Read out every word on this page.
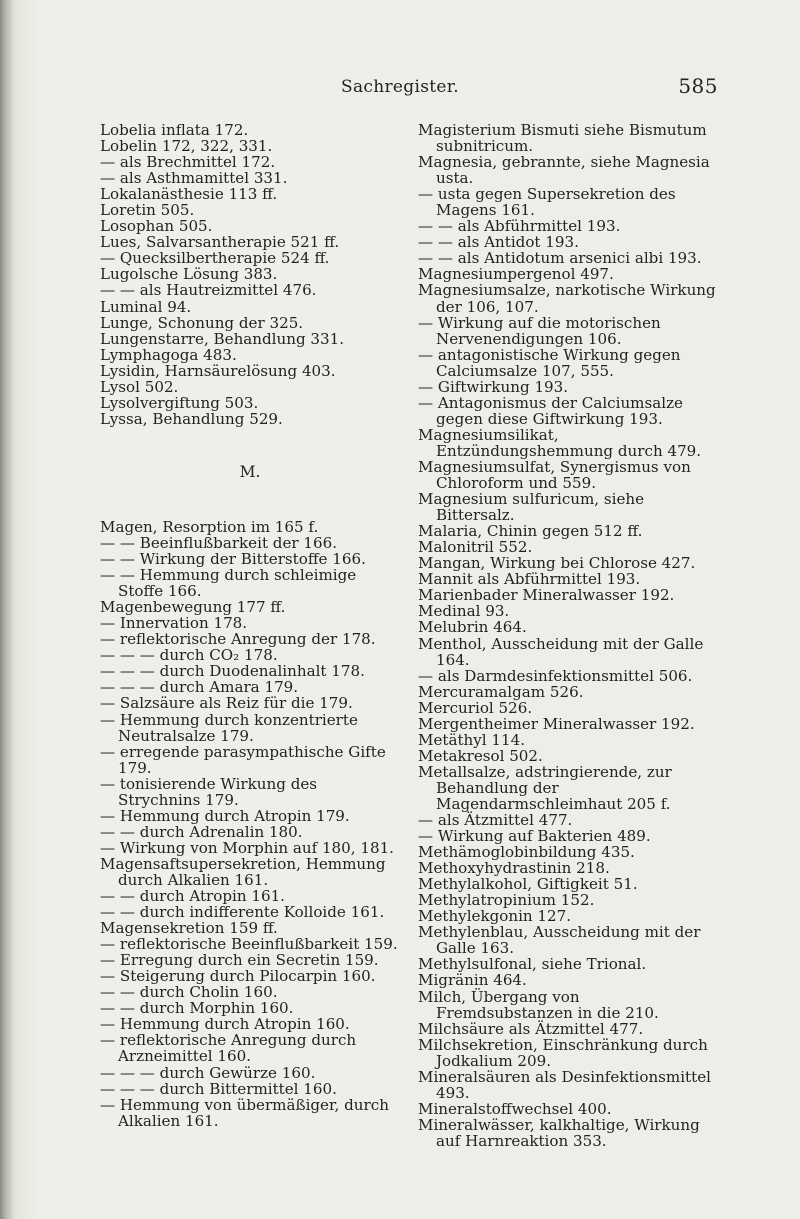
Sachregister.	585
Lobelia inflata 172.
Lobelin 172, 322, 331.
— als Brechmittel 172.
— als Asthmamittel 331.
Lokalanästhesie 113 ff.
Loretin 505.
Losophan 505.
Lues, Salvarsantherapie 521 ff.
— Quecksilbertherapie 524 ff.
Lugolsche Lösung 383.
— — als Hautreizmittel 476.
Luminal 94.
Lunge, Schonung der 325.
Lungenstarre, Behandlung 331.
Lymphagoga 483.
Lysidin, Harnsäurelösung 403.
Lysol 502.
Lysolvergiftung 503.
Lyssa, Behandlung 529.
M.
Magen, Resorption im 165 f.
— — Beeinflußbarkeit der 166.
— — Wirkung der Bitterstoffe 166.
— — Hemmung durch schleimige Stoffe 166.
Magenbewegung 177 ff.
— Innervation 178.
— reflektorische Anregung der 178.
— — — durch CO₂ 178.
— — — durch Duodenalinhalt 178.
— — — durch Amara 179.
— Salzsäure als Reiz für die 179.
— Hemmung durch konzentrierte Neutralsalze 179.
— erregende parasympathische Gifte 179.
— tonisierende Wirkung des Strychnins 179.
— Hemmung durch Atropin 179.
— — durch Adrenalin 180.
— Wirkung von Morphin auf 180, 181.
Magensaftsupersekretion, Hemmung durch Alkalien 161.
— — durch Atropin 161.
— — durch indifferente Kolloide 161.
Magensekretion 159 ff.
— reflektorische Beeinflußbarkeit 159.
— Erregung durch ein Secretin 159.
— Steigerung durch Pilocarpin 160.
— — durch Cholin 160.
— — durch Morphin 160.
— Hemmung durch Atropin 160.
— reflektorische Anregung durch Arzneimittel 160.
— — — durch Gewürze 160.
— — — durch Bittermittel 160.
— Hemmung von übermäßiger, durch Alkalien 161.
Magisterium Bismuti siehe Bismutum subnitricum.
Magnesia, gebrannte, siehe Magnesia usta.
— usta gegen Supersekretion des Magens 161.
— — als Abführmittel 193.
— — als Antidot 193.
— — als Antidotum arsenici albi 193.
Magnesiumpergenol 497.
Magnesiumsalze, narkotische Wirkung der 106, 107.
— Wirkung auf die motorischen Nervenendigungen 106.
— antagonistische Wirkung gegen Calciumsalze 107, 555.
— Giftwirkung 193.
— Antagonismus der Calciumsalze gegen diese Giftwirkung 193.
Magnesiumsilikat, Entzündungshemmung durch 479.
Magnesiumsulfat, Synergismus von Chloroform und 559.
Magnesium sulfuricum, siehe Bittersalz.
Malaria, Chinin gegen 512 ff.
Malonitril 552.
Mangan, Wirkung bei Chlorose 427.
Mannit als Abführmittel 193.
Marienbader Mineralwasser 192.
Medinal 93.
Melubrin 464.
Menthol, Ausscheidung mit der Galle 164.
— als Darmdesinfektionsmittel 506.
Mercuramalgam 526.
Mercuriol 526.
Mergentheimer Mineralwasser 192.
Metäthyl 114.
Metakresol 502.
Metallsalze, adstringierende, zur Behandlung der Magendarmschleimhaut 205 f.
— als Ätzmittel 477.
— Wirkung auf Bakterien 489.
Methämoglobinbildung 435.
Methoxyhydrastinin 218.
Methylalkohol, Giftigkeit 51.
Methylatropinium 152.
Methylekgonin 127.
Methylenblau, Ausscheidung mit der Galle 163.
Methylsulfonal, siehe Trional.
Migränin 464.
Milch, Übergang von Fremdsubstanzen in die 210.
Milchsäure als Ätzmittel 477.
Milchsekretion, Einschränkung durch Jodkalium 209.
Mineralsäuren als Desinfektionsmittel 493.
Mineralstoffwechsel 400.
Mineralwässer, kalkhaltige, Wirkung auf Harnreaktion 353.
